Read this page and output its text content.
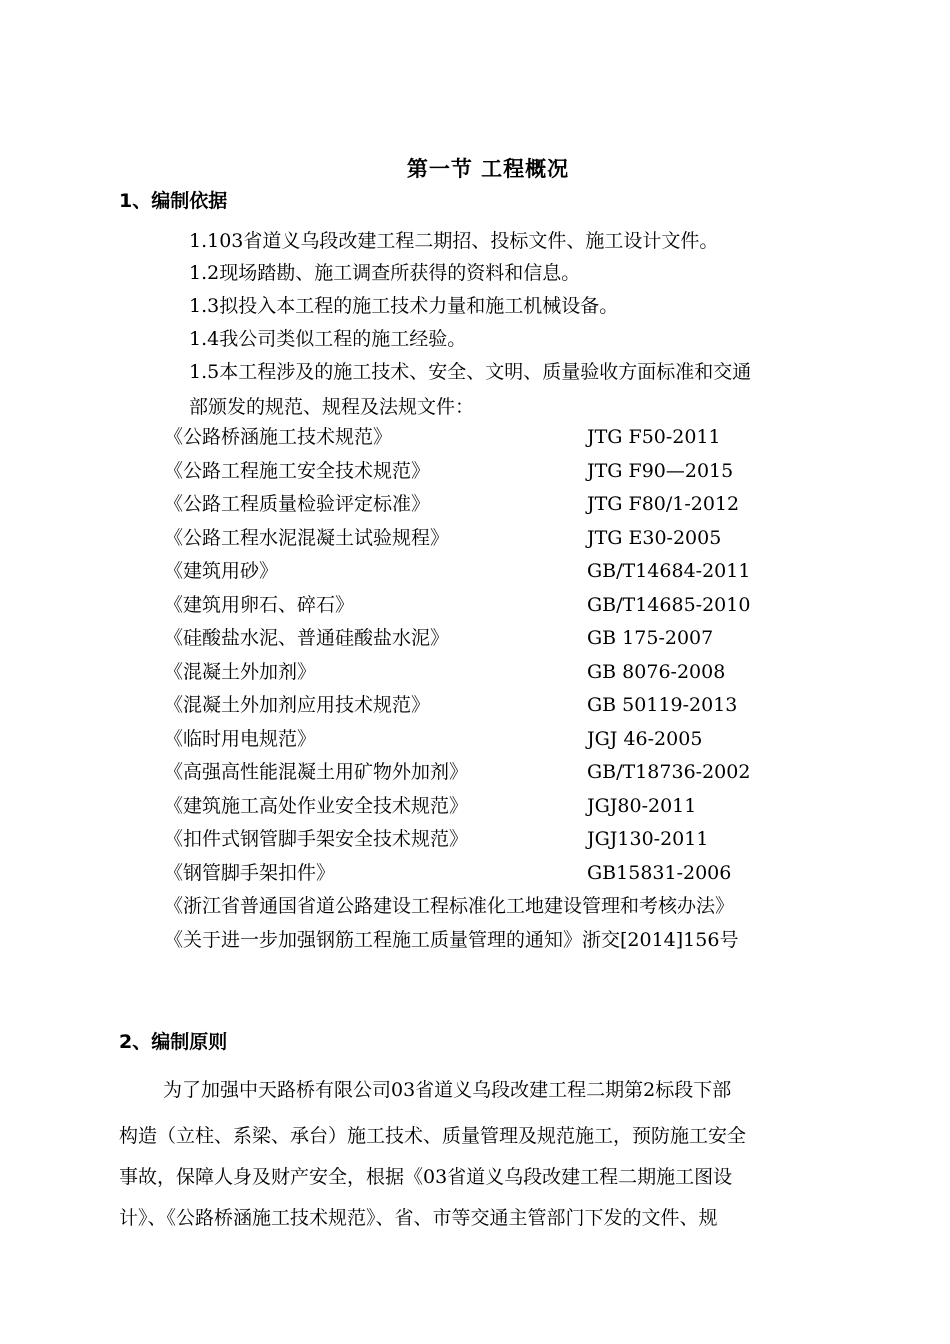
第一节 工程概况
1、编制依据

1.103省道义乌段改建工程二期招、投标文件、施工设计文件。

1.2现场踏勘、施工调查所获得的资料和信息。

1.3拟投入本工程的施工技术力量和施工机械设备。

1.4我公司类似工程的施工经验。

1.5本工程涉及的施工技术、安全、文明、质量验收方面标准和交通

部颁发的规范、规程及法规文件：

《公路桥涵施工技术规范》	JTG F50-2011
《公路工程施工安全技术规范》	JTG F90—2015
《公路工程质量检验评定标准》	JTG F80/1-2012
《公路工程水泥混凝土试验规程》	JTG E30-2005
《建筑用砂》	GB/T14684-2011
《建筑用卵石、碎石》	GB/T14685-2010
《硅酸盐水泥、普通硅酸盐水泥》	GB 175-2007
《混凝土外加剂》	GB 8076-2008
《混凝土外加剂应用技术规范》	GB 50119-2013
《临时用电规范》	JGJ 46-2005
《高强高性能混凝土用矿物外加剂》	GB/T18736-2002
《建筑施工高处作业安全技术规范》	JGJ80-2011
《扣件式钢管脚手架安全技术规范》	JGJ130-2011
《钢管脚手架扣件》	GB15831-2006
《浙江省普通国省道公路建设工程标准化工地建设管理和考核办法》
《关于进一步加强钢筋工程施工质量管理的通知》浙交[2014]156号
2、编制原则

为了加强中天路桥有限公司03省道义乌段改建工程二期第2标段下部

构造（立柱、系梁、承台）施工技术、质量管理及规范施工，预防施工安全

事故，保障人身及财产安全，根据《03省道义乌段改建工程二期施工图设

计》、《公路桥涵施工技术规范》、省、市等交通主管部门下发的文件、规
